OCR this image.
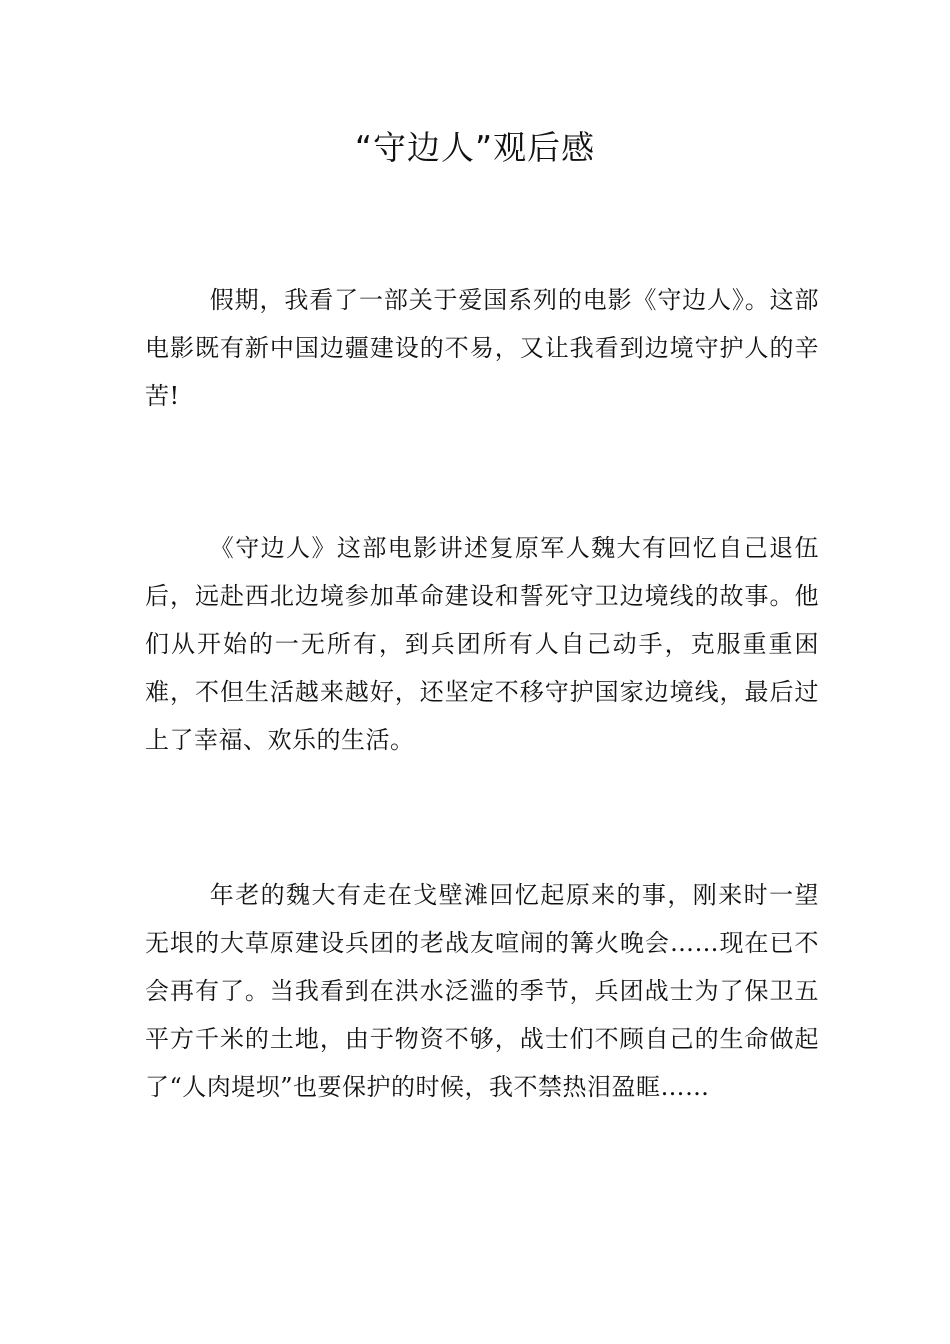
“守边人”观后感

假期，我看了一部关于爱国系列的电影《守边人》。这部电影既有新中国边疆建设的不易，又让我看到边境守护人的辛苦!

《守边人》这部电影讲述复原军人魏大有回忆自己退伍后，远赴西北边境参加革命建设和誓死守卫边境线的故事。他们从开始的一无所有，到兵团所有人自己动手，克服重重困难，不但生活越来越好，还坚定不移守护国家边境线，最后过上了幸福、欢乐的生活。

年老的魏大有走在戈壁滩回忆起原来的事，刚来时一望无垠的大草原建设兵团的老战友喧闹的篝火晚会……现在已不会再有了。当我看到在洪水泛滥的季节，兵团战士为了保卫五平方千米的土地，由于物资不够，战士们不顾自己的生命做起了“人肉堤坝”也要保护的时候，我不禁热泪盈眶……
